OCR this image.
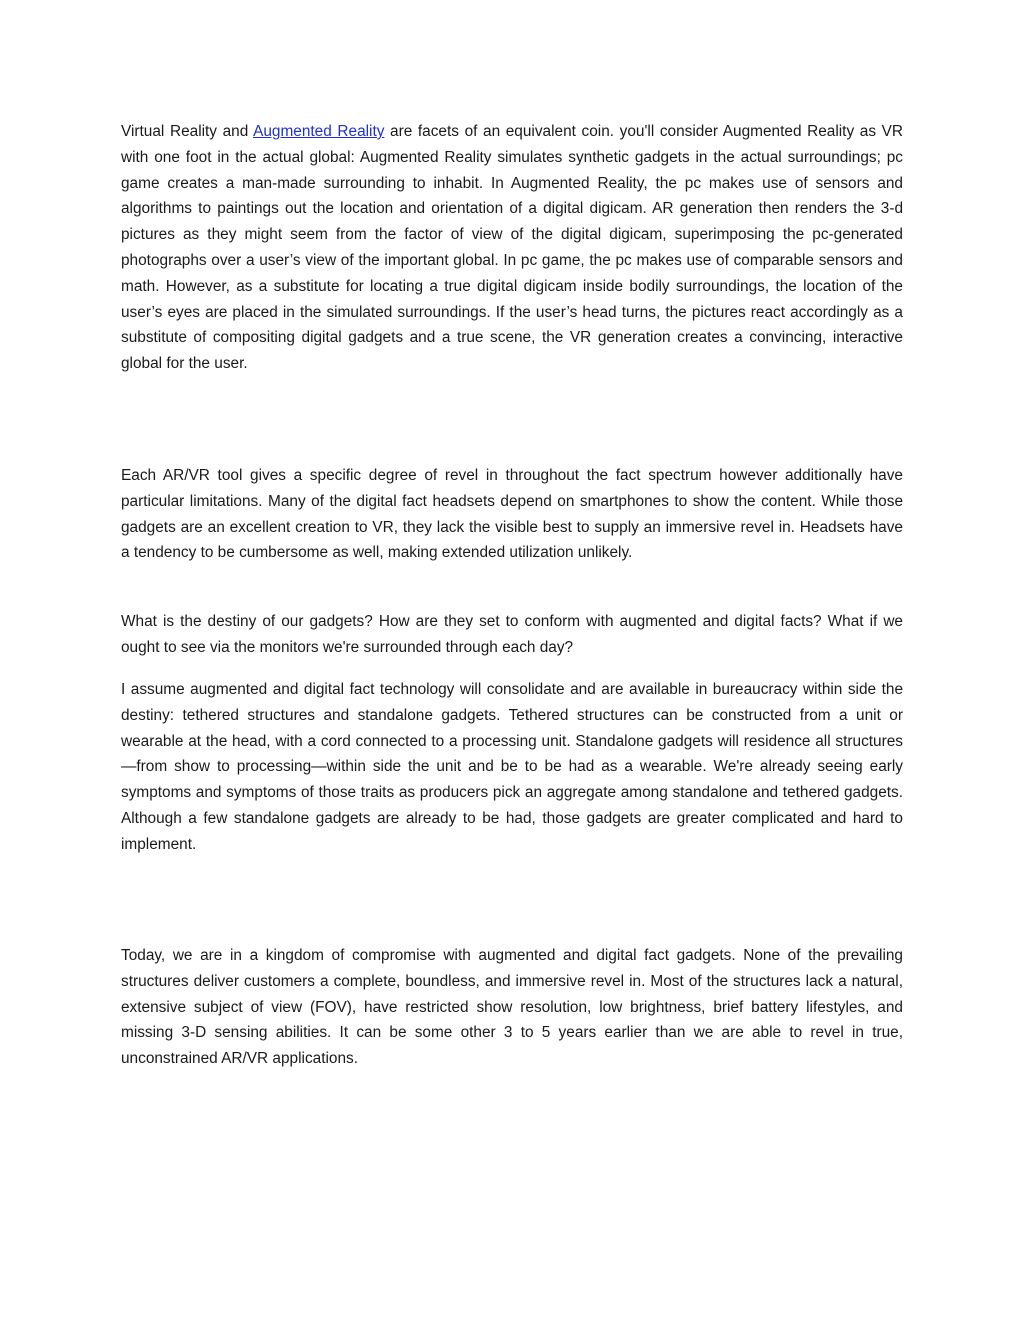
Virtual Reality and Augmented Reality are facets of an equivalent coin. you'll consider Augmented Reality as VR with one foot in the actual global: Augmented Reality simulates synthetic gadgets in the actual surroundings; pc game creates a man-made surrounding to inhabit. In Augmented Reality, the pc makes use of sensors and algorithms to paintings out the location and orientation of a digital digicam. AR generation then renders the 3-d pictures as they might seem from the factor of view of the digital digicam, superimposing the pc-generated photographs over a user’s view of the important global. In pc game, the pc makes use of comparable sensors and math. However, as a substitute for locating a true digital digicam inside bodily surroundings, the location of the user’s eyes are placed in the simulated surroundings. If the user’s head turns, the pictures react accordingly as a substitute of compositing digital gadgets and a true scene, the VR generation creates a convincing, interactive global for the user.

Each AR/VR tool gives a specific degree of revel in throughout the fact spectrum however additionally have particular limitations. Many of the digital fact headsets depend on smartphones to show the content. While those gadgets are an excellent creation to VR, they lack the visible best to supply an immersive revel in. Headsets have a tendency to be cumbersome as well, making extended utilization unlikely.

What is the destiny of our gadgets? How are they set to conform with augmented and digital facts? What if we ought to see via the monitors we're surrounded through each day?

I assume augmented and digital fact technology will consolidate and are available in bureaucracy within side the destiny: tethered structures and standalone gadgets. Tethered structures can be constructed from a unit or wearable at the head, with a cord connected to a processing unit. Standalone gadgets will residence all structures—from show to processing—within side the unit and be to be had as a wearable. We're already seeing early symptoms and symptoms of those traits as producers pick an aggregate among standalone and tethered gadgets. Although a few standalone gadgets are already to be had, those gadgets are greater complicated and hard to implement.

Today, we are in a kingdom of compromise with augmented and digital fact gadgets. None of the prevailing structures deliver customers a complete, boundless, and immersive revel in. Most of the structures lack a natural, extensive subject of view (FOV), have restricted show resolution, low brightness, brief battery lifestyles, and missing 3-D sensing abilities. It can be some other 3 to 5 years earlier than we are able to revel in true, unconstrained AR/VR applications.
